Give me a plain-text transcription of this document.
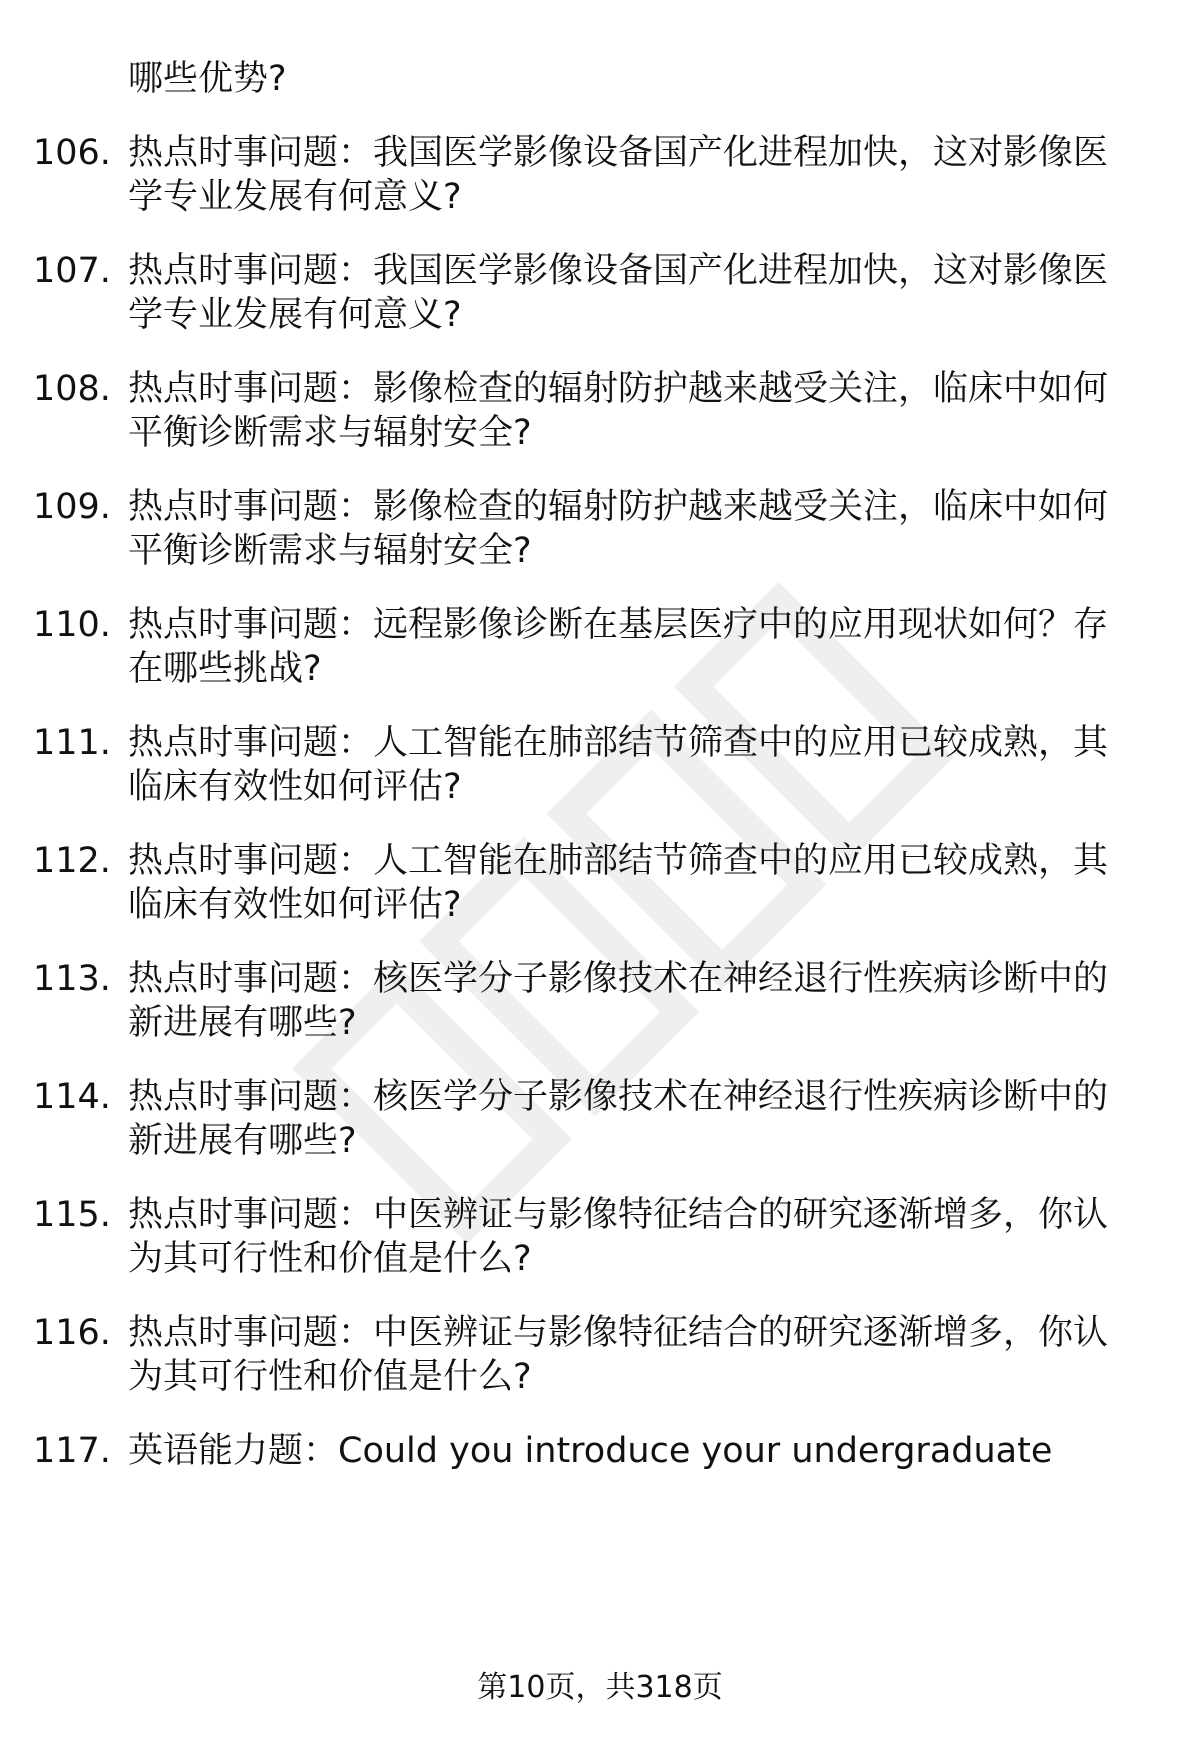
哪些优势?
106. 热点时事问题：我国医学影像设备国产化进程加快，这对影像医
学专业发展有何意义?
107. 热点时事问题：我国医学影像设备国产化进程加快，这对影像医
学专业发展有何意义?
108. 热点时事问题：影像检查的辐射防护越来越受关注，临床中如何
平衡诊断需求与辐射安全?
109. 热点时事问题：影像检查的辐射防护越来越受关注，临床中如何
平衡诊断需求与辐射安全?
110. 热点时事问题：远程影像诊断在基层医疗中的应用现状如何？存
在哪些挑战?
111. 热点时事问题：人工智能在肺部结节筛查中的应用已较成熟，其
临床有效性如何评估?
112. 热点时事问题：人工智能在肺部结节筛查中的应用已较成熟，其
临床有效性如何评估?
113. 热点时事问题：核医学分子影像技术在神经退行性疾病诊断中的
新进展有哪些?
114. 热点时事问题：核医学分子影像技术在神经退行性疾病诊断中的
新进展有哪些?
115. 热点时事问题：中医辨证与影像特征结合的研究逐渐增多，你认
为其可行性和价值是什么?
116. 热点时事问题：中医辨证与影像特征结合的研究逐渐增多，你认
为其可行性和价值是什么?
117. 英语能力题：Could you introduce your undergraduate
第10页，共318页
